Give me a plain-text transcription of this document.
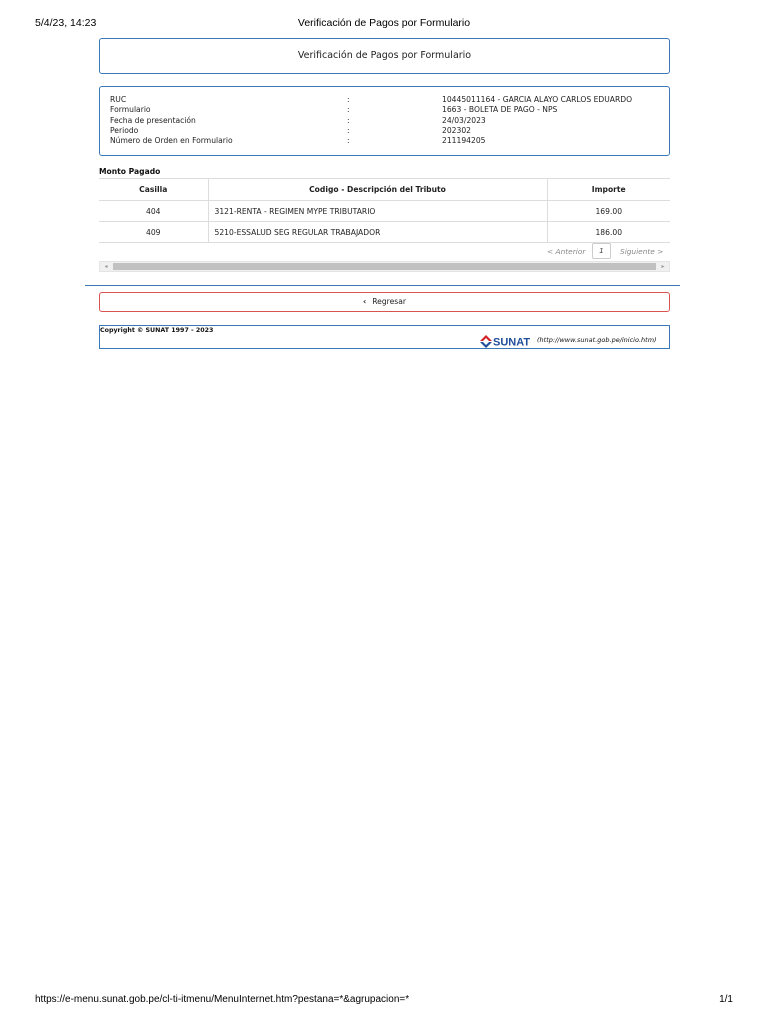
5/4/23, 14:23	Verificación de Pagos por Formulario
Verificación de Pagos por Formulario
RUC	:	10445011164 - GARCIA ALAYO CARLOS EDUARDO
Formulario	:	1663 - BOLETA DE PAGO - NPS
Fecha de presentación	:	24/03/2023
Periodo	:	202302
Número de Orden en Formulario	:	211194205
Monto Pagado
Casilla	Codigo - Descripción del Tributo	Importe
404	3121-RENTA - REGIMEN MYPE TRIBUTARIO	169.00
409	5210-ESSALUD SEG REGULAR TRABAJADOR	186.00
< Anterior	1	Siguiente >
◂	▸
‹ Regresar
Copyright © SUNAT 1997 - 2023
SUNAT (http://www.sunat.gob.pe/inicio.htm)
https://e-menu.sunat.gob.pe/cl-ti-itmenu/MenuInternet.htm?pestana=*&agrupacion=*	1/1
